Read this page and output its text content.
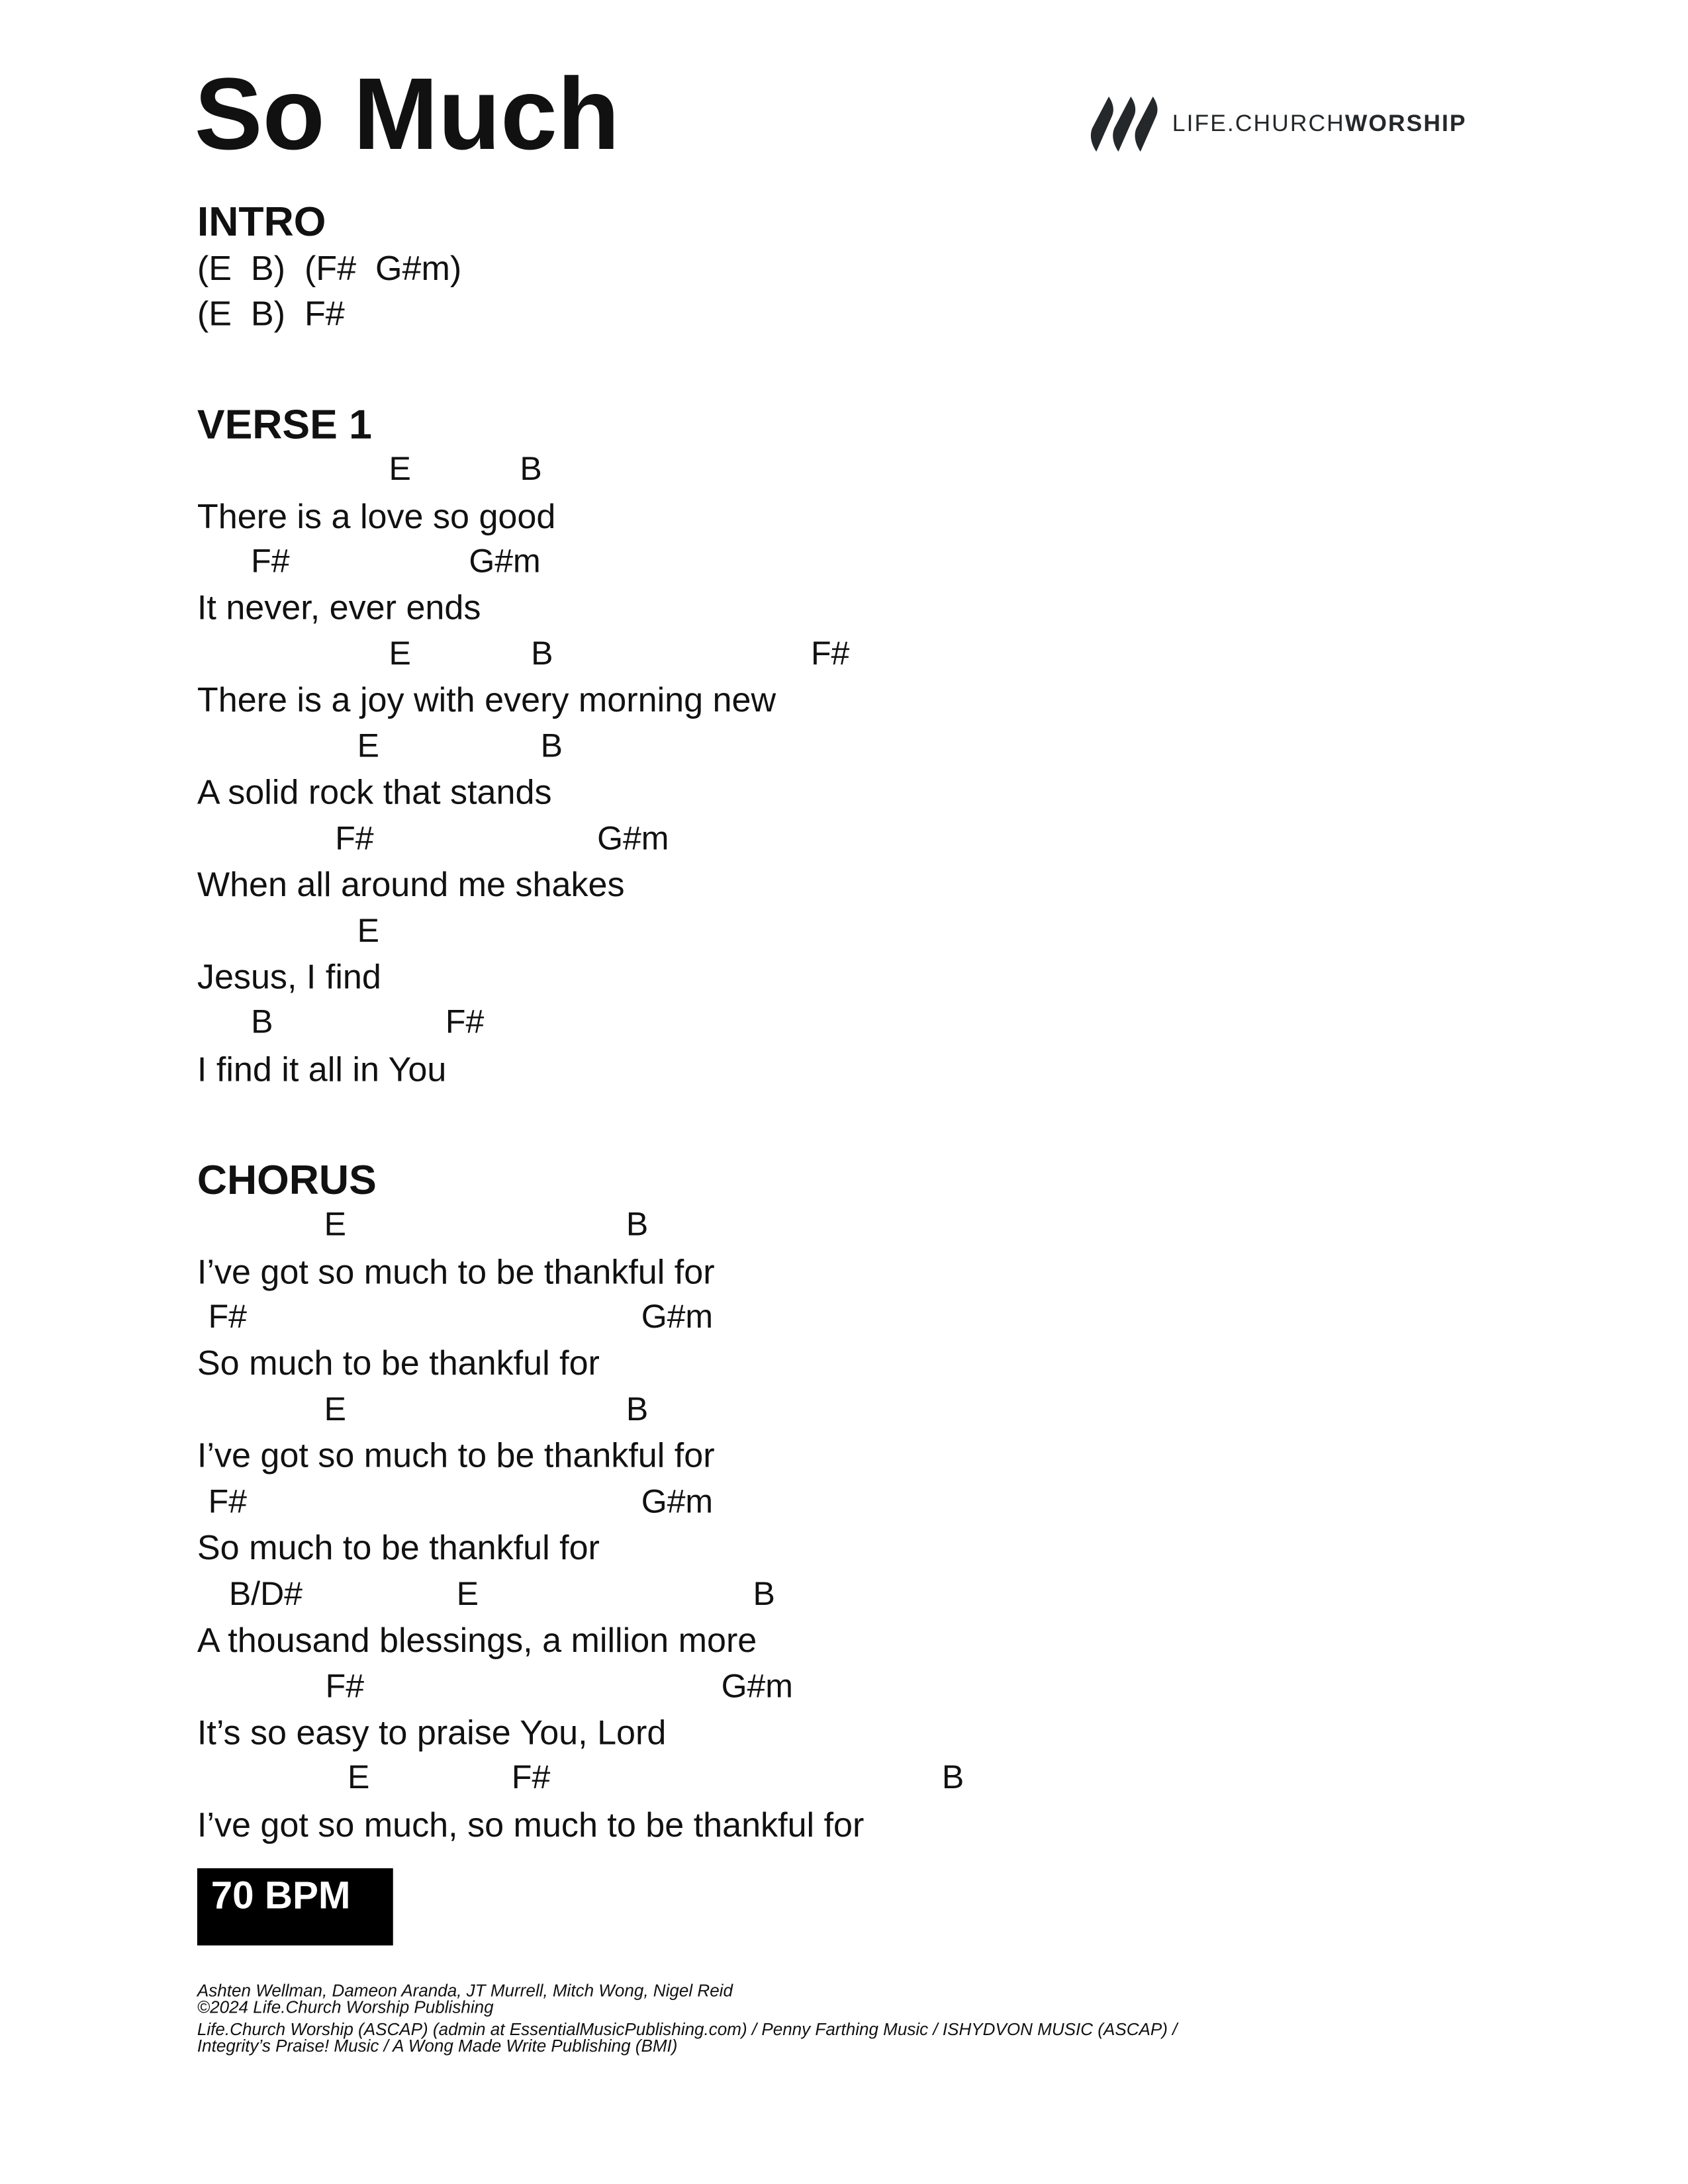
So Much	LIFE.CHURCHWORSHIP
INTRO
(E  B)  (F#  G#m)
(E  B)  F#
VERSE 1
E	B
There is a love so good
F#	G#m
It never, ever ends
E	B	F#
There is a joy with every morning new
E	B
A solid rock that stands
F#	G#m
When all around me shakes
E
Jesus, I find
B	F#
I find it all in You
CHORUS
E	B
I’ve got so much to be thankful for
F#	G#m
So much to be thankful for
E	B
I’ve got so much to be thankful for
F#	G#m
So much to be thankful for
B/D#	E	B
A thousand blessings, a million more
F#	G#m
It’s so easy to praise You, Lord
E	F#	B
I’ve got so much, so much to be thankful for
70 BPM
Ashten Wellman, Dameon Aranda, JT Murrell, Mitch Wong, Nigel Reid
©2024 Life.Church Worship Publishing
Life.Church Worship (ASCAP) (admin at EssentialMusicPublishing.com) / Penny Farthing Music / ISHYDVON MUSIC (ASCAP) /
Integrity’s Praise! Music / A Wong Made Write Publishing (BMI)
